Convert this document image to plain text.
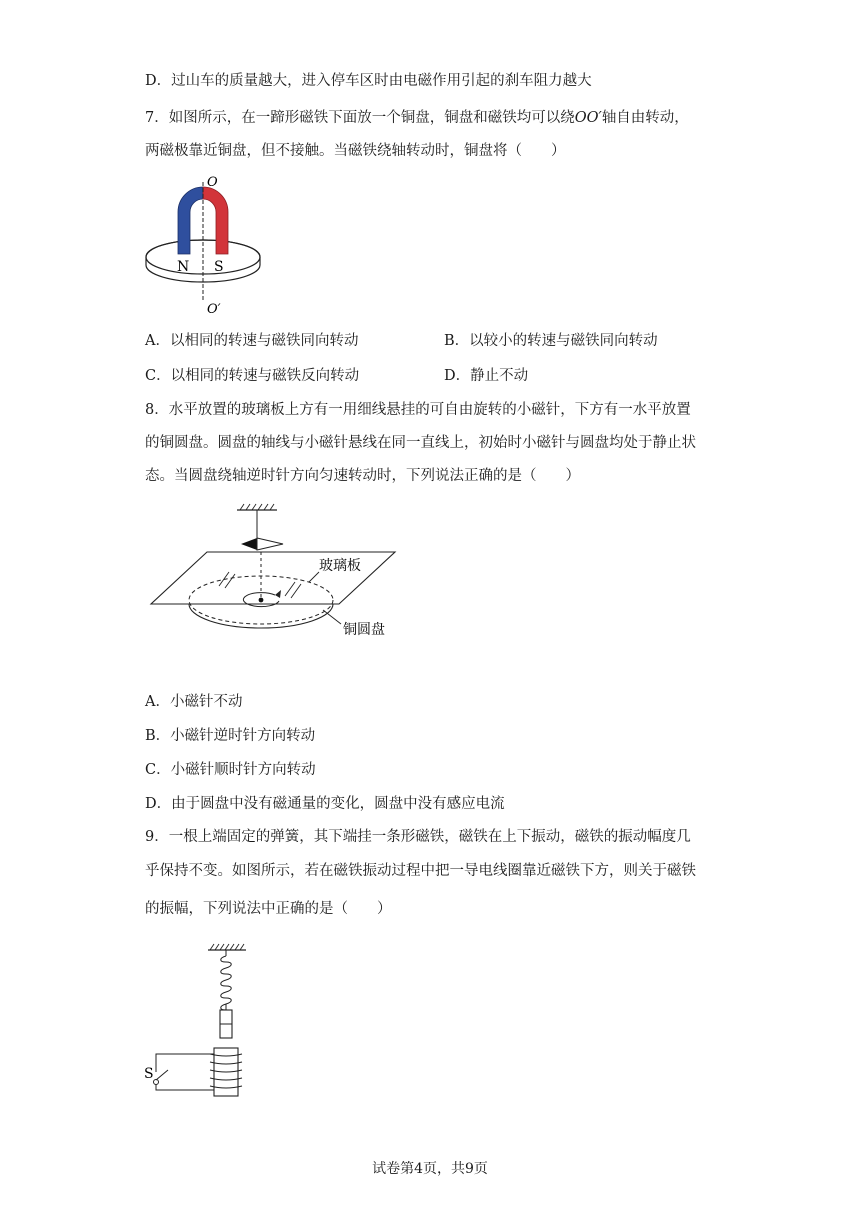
D．过山车的质量越大，进入停车区时由电磁作用引起的刹车阻力越大
7．如图所示，在一蹄形磁铁下面放一个铜盘，铜盘和磁铁均可以绕OO′轴自由转动，
两磁极靠近铜盘，但不接触。当磁铁绕轴转动时，铜盘将（　　）
O
O′
N S
A．以相同的转速与磁铁同向转动	B．以较小的转速与磁铁同向转动
C．以相同的转速与磁铁反向转动	D．静止不动
8．水平放置的玻璃板上方有一用细线悬挂的可自由旋转的小磁针，下方有一水平放置
的铜圆盘。圆盘的轴线与小磁针悬线在同一直线上，初始时小磁针与圆盘均处于静止状
态。当圆盘绕轴逆时针方向匀速转动时，下列说法正确的是（　　）
玻璃板
铜圆盘
A．小磁针不动
B．小磁针逆时针方向转动
C．小磁针顺时针方向转动
D．由于圆盘中没有磁通量的变化，圆盘中没有感应电流
9．一根上端固定的弹簧，其下端挂一条形磁铁，磁铁在上下振动，磁铁的振动幅度几
乎保持不变。如图所示，若在磁铁振动过程中把一导电线圈靠近磁铁下方，则关于磁铁
的振幅，下列说法中正确的是（　　）
S
试卷第4页，共9页
